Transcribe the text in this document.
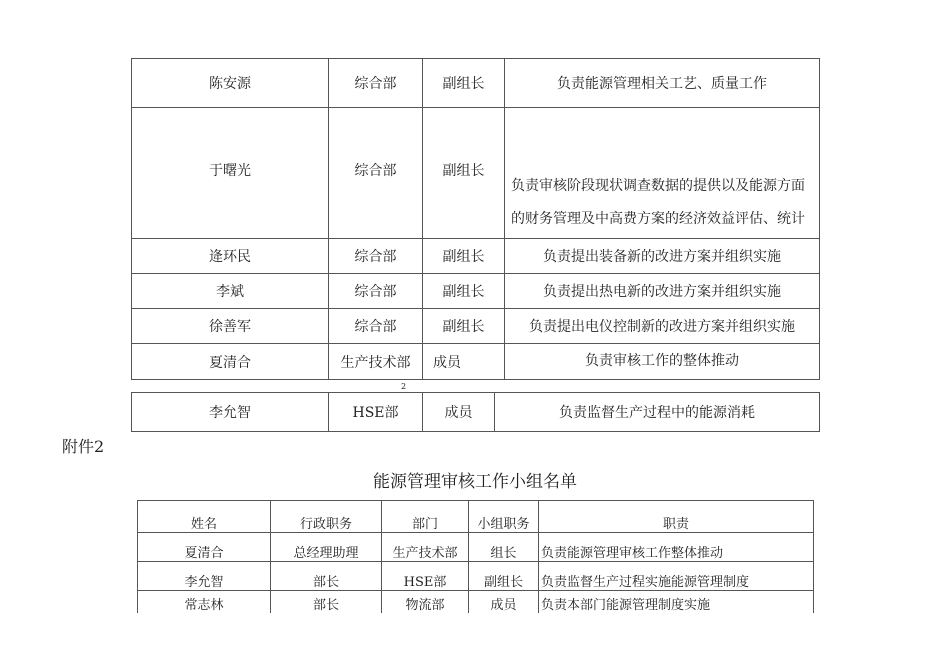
陈安源	综合部	副组长	负责能源管理相关工艺、质量工作
于曙光	综合部	副组长	负责审核阶段现状调查数据的提供以及能源方面的财务管理及中高费方案的经济效益评估、统计
逄环民	综合部	副组长	负责提出装备新的改进方案并组织实施
李斌	综合部	副组长	负责提出热电新的改进方案并组织实施
徐善军	综合部	副组长	负责提出电仪控制新的改进方案并组织实施
夏清合	生产技术部	成员	负责审核工作的整体推动
2
李允智	HSE部	成员	负责监督生产过程中的能源消耗
附件2
能源管理审核工作小组名单
姓名	行政职务	部门	小组职务	职责
夏清合	总经理助理	生产技术部	组长	负责能源管理审核工作整体推动
李允智	部长	HSE部	副组长	负责监督生产过程实施能源管理制度
常志林	部长	物流部	成员	负责本部门能源管理制度实施
